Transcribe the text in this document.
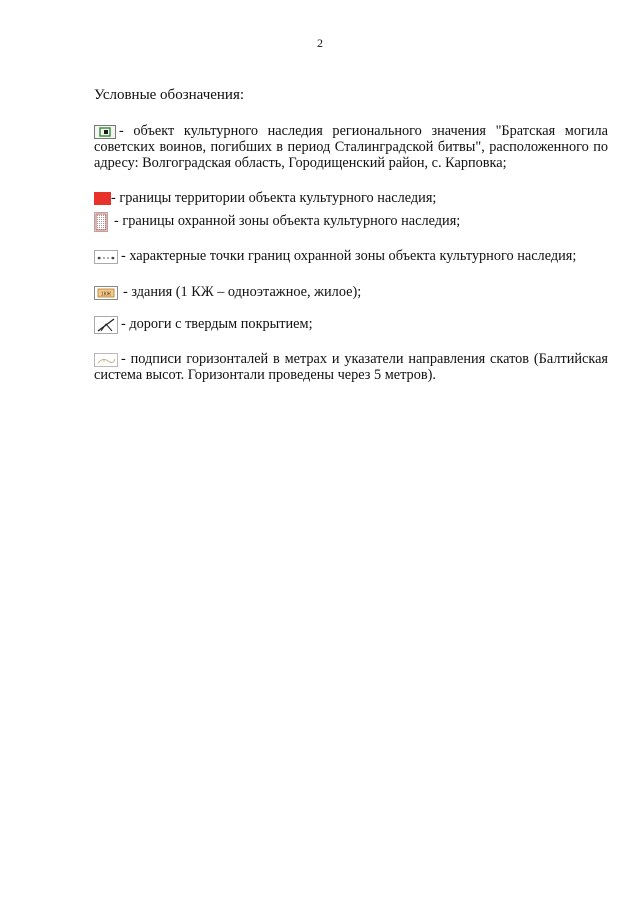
2
Условные обозначения:
- объект культурного наследия регионального значения "Братская могила советских воинов, погибших в период Сталинградской битвы", расположенного по адресу: Волгоградская область, Городищенский район, с. Карповка;
- границы территории объекта культурного наследия;
- границы охранной зоны объекта культурного наследия;
- характерные точки границ охранной зоны объекта культурного наследия;
1КЖ - здания (1 КЖ – одноэтажное, жилое);
- дороги с твердым покрытием;
- подписи горизонталей в метрах и указатели направления скатов (Балтийская система высот. Горизонтали проведены через 5 метров).
